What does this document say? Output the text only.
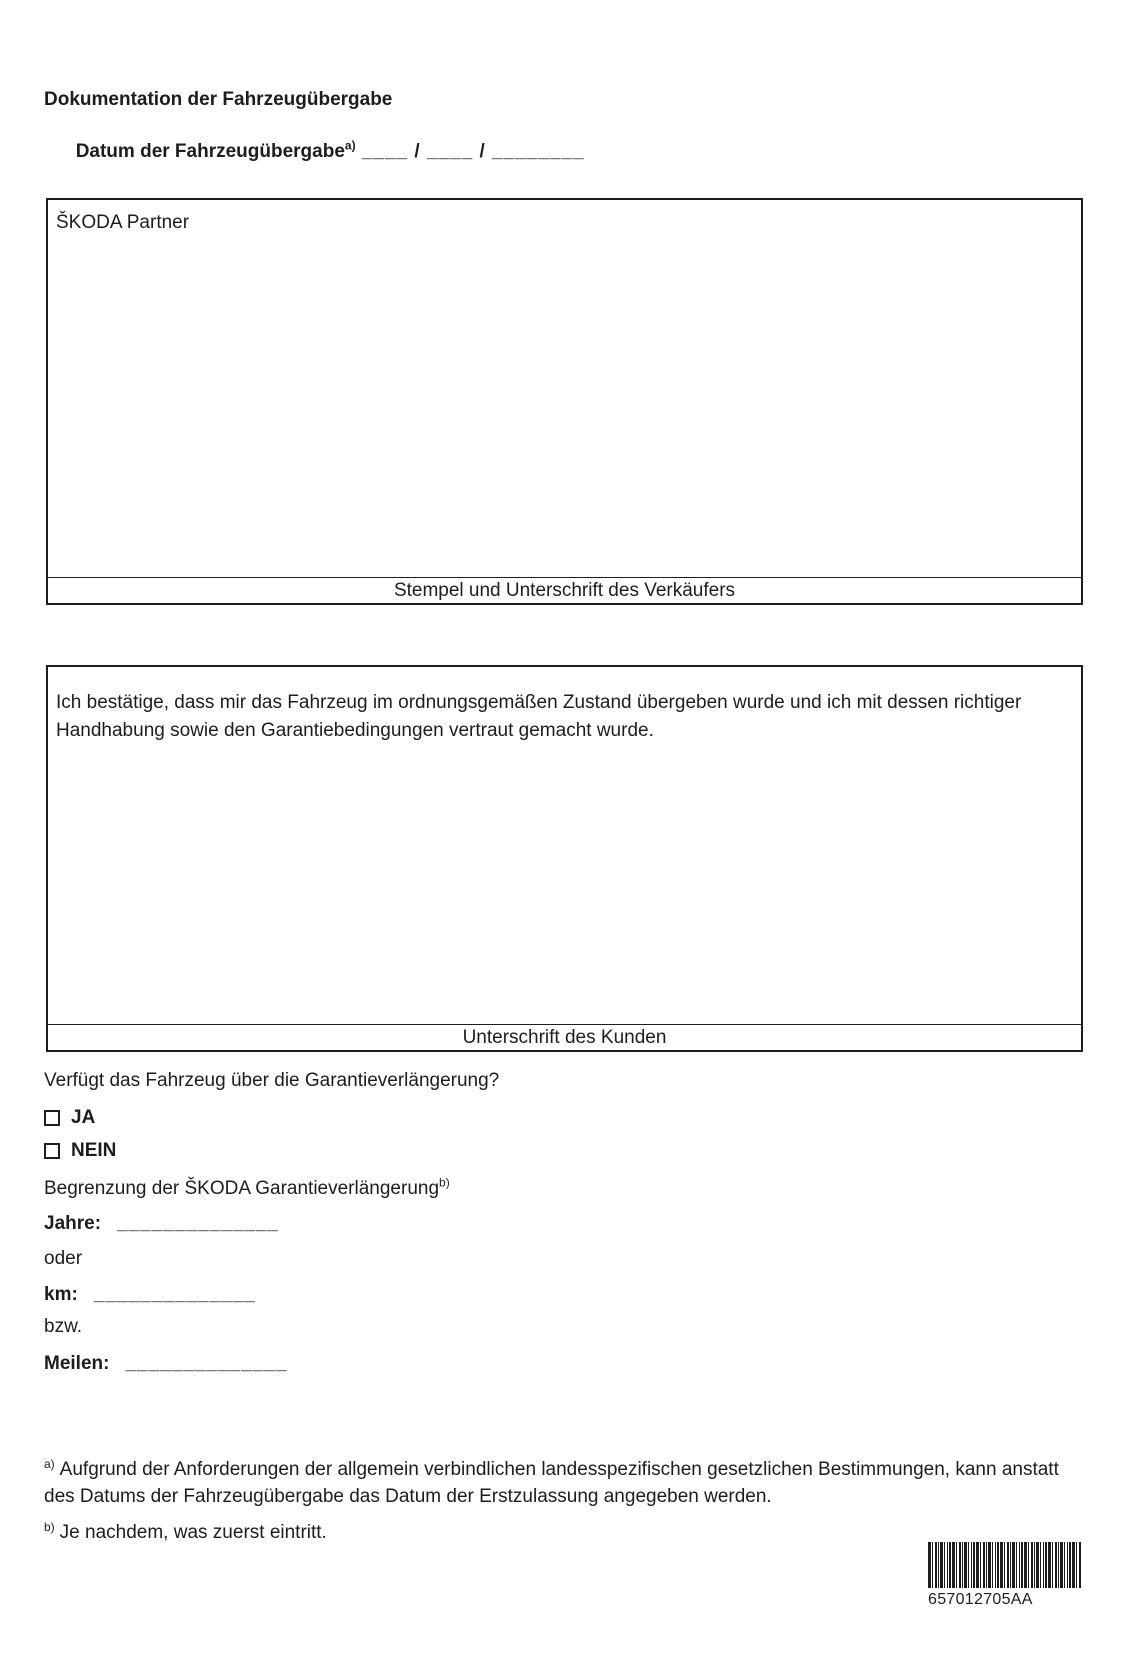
Dokumentation der Fahrzeugübergabe

Datum der Fahrzeugübergabe$^{a)}$ ____ / ____ / ________

ŠKODA Partner
Stempel und Unterschrift des Verkäufers

Ich bestätige, dass mir das Fahrzeug im ordnungsgemäßen Zustand übergeben wurde und ich mit dessen richtiger Handhabung sowie den Garantiebedingungen vertraut gemacht wurde.

Unterschrift des Kunden
Verfügt das Fahrzeug über die Garantieverlängerung?
JA
NEIN
Begrenzung der ŠKODA Garantieverlängerung$^{b)}$
Jahre: ______________
oder
km: ______________
bzw.
Meilen: ______________
$^{a)}$ Aufgrund der Anforderungen der allgemein verbindlichen landesspezifischen gesetzlichen Bestimmungen, kann anstatt des Datums der Fahrzeugübergabe das Datum der Erstzulassung angegeben werden.
$^{b)}$ Je nachdem, was zuerst eintritt.
657012705AA
